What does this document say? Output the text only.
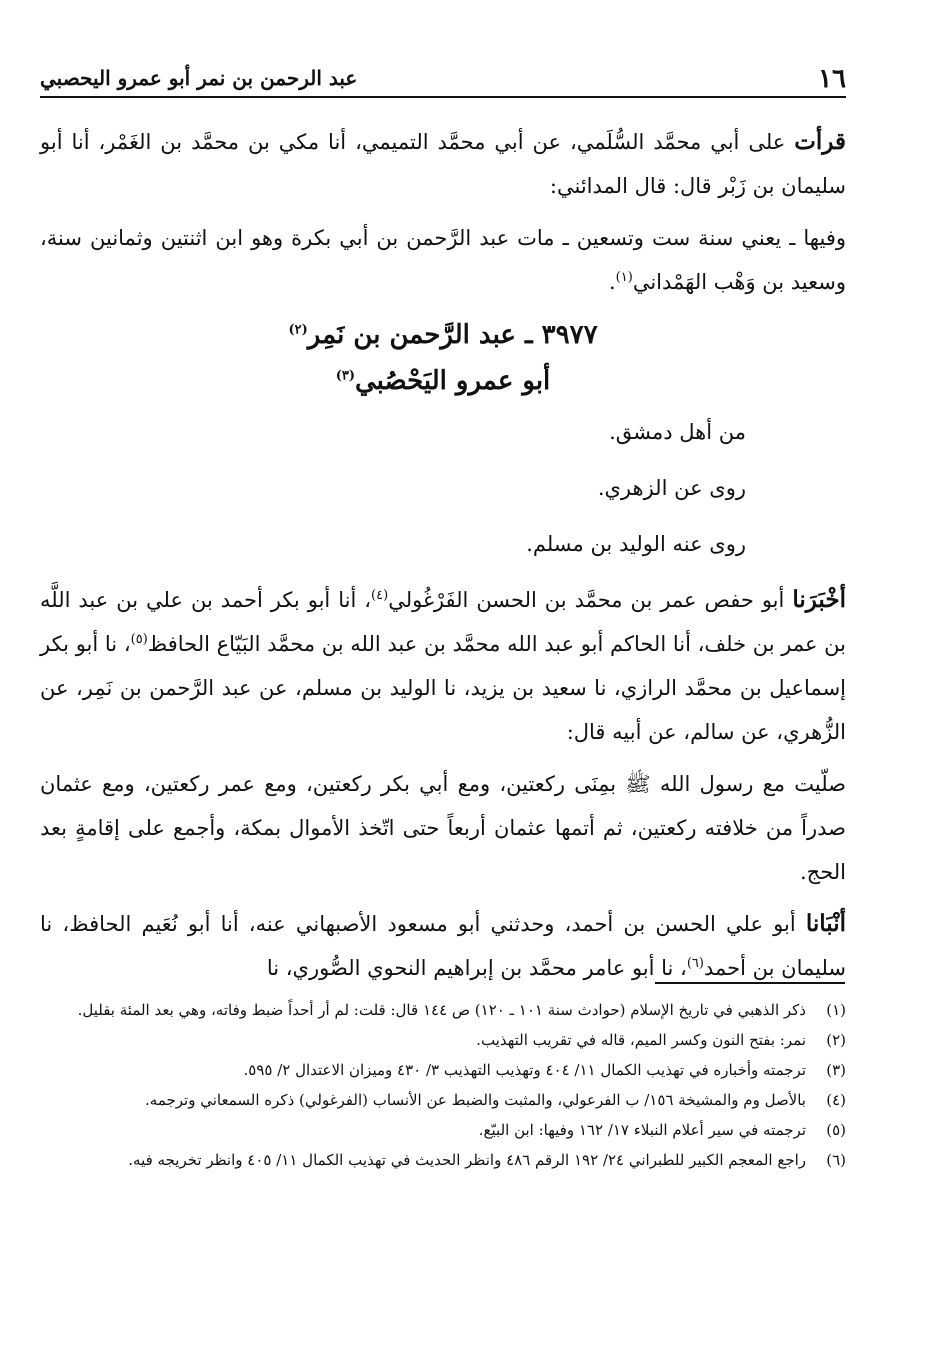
١٦
عبد الرحمن بن نمر أبو عمرو اليحصبي

قرأت على أبي محمَّد السُّلَمي، عن أبي محمَّد التميمي، أنا مكي بن محمَّد بن الغَمْر، أنا أبو سليمان بن زَبْر قال: قال المدائني:

وفيها ـ يعني سنة ست وتسعين ـ مات عبد الرَّحمن بن أبي بكرة وهو ابن اثنتين وثمانين سنة، وسعيد بن وَهْب الهَمْداني$^{(١)}$.

٣٩٧٧ ـ عبد الرَّحمن بن نَمِر$^{(٢)}$
أبو عمرو اليَحْصُبي$^{(٣)}$

من أهل دمشق.

روى عن الزهري.

روى عنه الوليد بن مسلم.

أخْبَرَنا أبو حفص عمر بن محمَّد بن الحسن الفَرْغُولي$^{(٤)}$، أنا أبو بكر أحمد بن علي بن عبد اللَّه بن عمر بن خلف، أنا الحاكم أبو عبد الله محمَّد بن عبد الله بن محمَّد البَيّاع الحافظ$^{(٥)}$، نا أبو بكر إسماعيل بن محمَّد الرازي، نا سعيد بن يزيد، نا الوليد بن مسلم، عن عبد الرَّحمن بن نَمِر، عن الزُّهري، عن سالم، عن أبيه قال:

صلّيت مع رسول الله ﷺ بمِنَى ركعتين، ومع أبي بكر ركعتين، ومع عمر ركعتين، ومع عثمان صدراً من خلافته ركعتين، ثم أتمها عثمان أربعاً حتى اتّخذ الأموال بمكة، وأجمع على إقامةٍ بعد الحج.

أنْبَانا أبو علي الحسن بن أحمد، وحدثني أبو مسعود الأصبهاني عنه، أنا أبو نُعَيم الحافظ، نا سليمان بن أحمد$^{(٦)}$، نا أبو عامر محمَّد بن إبراهيم النحوي الصُّوري، نا

(١)
ذكر الذهبي في تاريخ الإسلام (حوادث سنة ١٠١ ـ ١٢٠) ص ١٤٤ قال: قلت: لم أر أحداً ضبط وفاته، وهي بعد المئة بقليل.
(٢)
نمر: بفتح النون وكسر الميم، قاله في تقريب التهذيب.
(٣)
ترجمته وأخباره في تهذيب الكمال ١١/ ٤٠٤ وتهذيب التهذيب ٣/ ٤٣٠ وميزان الاعتدال ٢/ ٥٩٥.
(٤)
بالأصل وم والمشيخة ١٥٦/ ب الفرعولي، والمثبت والضبط عن الأنساب (الفرغولي) ذكره السمعاني وترجمه.
(٥)
ترجمته في سير أعلام النبلاء ١٧/ ١٦٢ وفيها: ابن البيّع.
(٦)
راجع المعجم الكبير للطبراني ٢٤/ ١٩٢ الرقم ٤٨٦ وانظر الحديث في تهذيب الكمال ١١/ ٤٠٥ وانظر تخريجه فيه.
